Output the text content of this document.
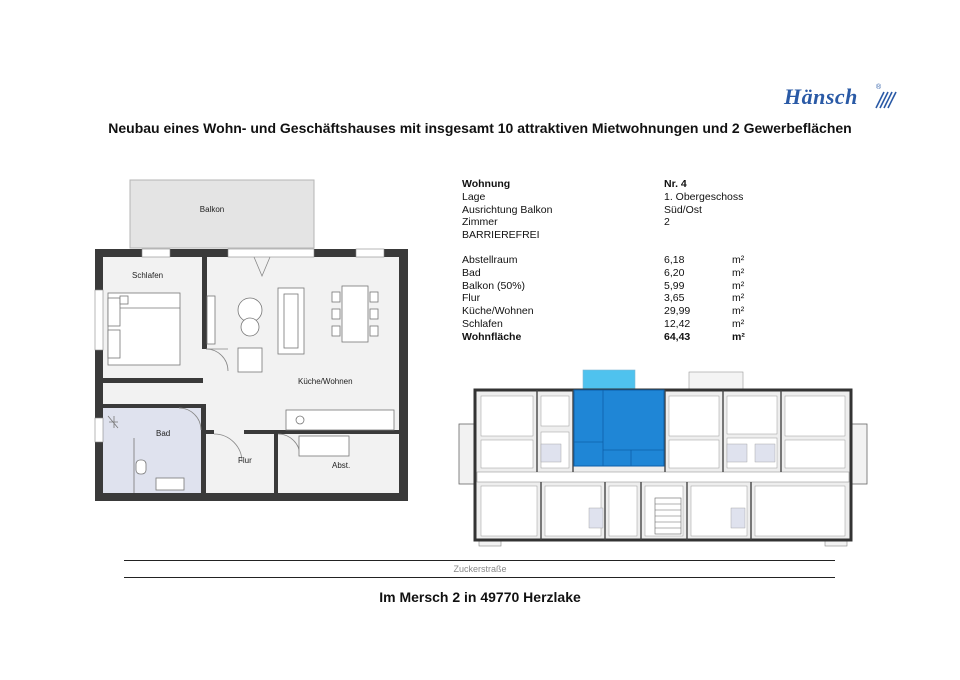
Hänsch	®
Neubau eines Wohn- und Geschäftshauses mit insgesamt 10 attraktiven Mietwohnungen und 2 Gewerbeflächen
Wohnung	Nr. 4
Lage	1. Obergeschoss
Ausrichtung Balkon	Süd/Ost
Zimmer	2
BARRIEREFREI
Abstellraum	6,18	m²
Bad	6,20	m²
Balkon (50%)	5,99	m²
Flur	3,65	m²
Küche/Wohnen	29,99	m²
Schlafen	12,42	m²
Wohnfläche	64,43	m²
Balkon
Schlafen
Küche/Wohnen
Bad
Flur
Abst.
Zuckerstraße
Im Mersch 2 in 49770 Herzlake
